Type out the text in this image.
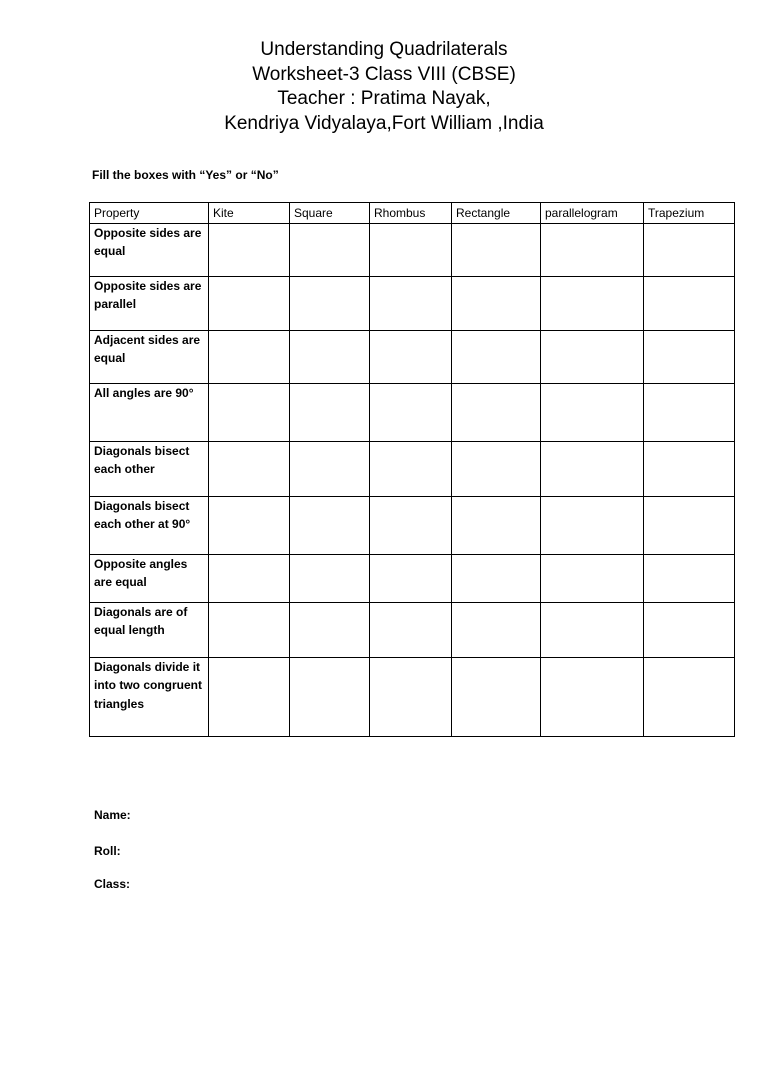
Understanding Quadrilaterals
Worksheet-3 Class VIII (CBSE)
Teacher : Pratima Nayak,
Kendriya Vidyalaya,Fort William ,India
Fill the boxes with “Yes” or “No”
Property	Kite	Square	Rhombus	Rectangle	parallelogram	Trapezium
Opposite sides are equal						
Opposite sides are parallel						
Adjacent sides are equal						
All angles are 90°						
Diagonals bisect each other						
Diagonals bisect each other at 90°						
Opposite angles are equal						
Diagonals are of equal length						
Diagonals divide it into two congruent triangles						
Name:
Roll:
Class:
